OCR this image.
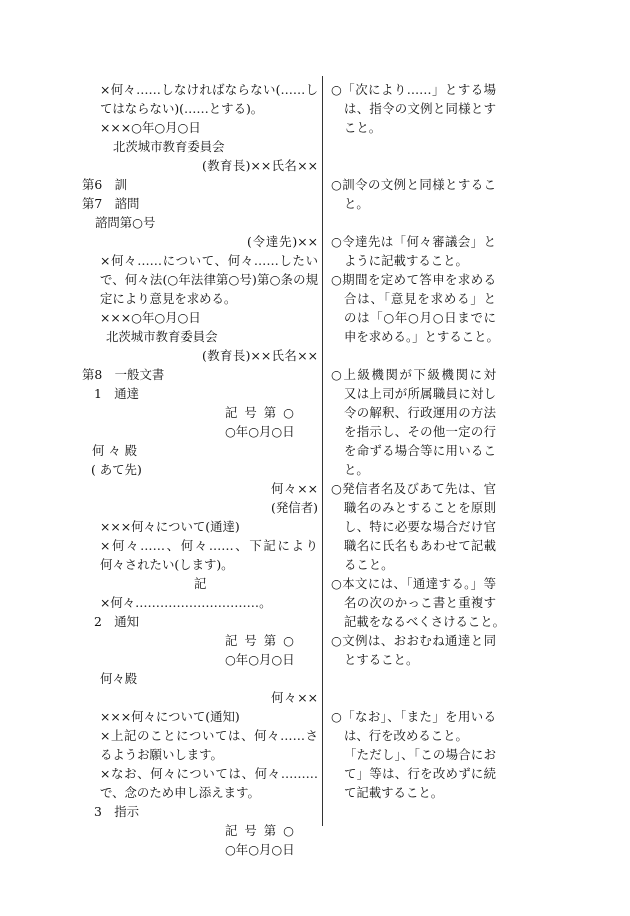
×何々……しなければならない(……し
てはならない)(……とする)。
×××○年○月○日
北茨城市教育委員会
(教育長)××氏名××
第6　訓
第7　諮問
諮問第○号
(令達先)××
×何々……について、何々……したい
で、何々法(○年法律第○号)第○条の規
定により意見を求める。
×××○年○月○日
北茨城市教育委員会
(教育長)××氏名××
第8　一般文書
1　通達
記 号 第 ○
○年○月○日
何 々 殿
( あて先)
何々××
(発信者)
×××何々について(通達)
×何々……、何々……、下記により
何々されたい(します)。
記
×何々…………………………。
2　通知
記 号 第 ○
○年○月○日
何々殿
何々××
×××何々について(通知)
×上記のことについては、何々……さ
るようお願いします。
×なお、何々については、何々………
で、念のため申し添えます。
3　指示
記 号 第 ○
○年○月○日
○「次により……」とする場
は、指令の文例と同様とす
こと。
○訓令の文例と同様とするこ
と。
○令達先は「何々審議会」と
ように記載すること。
○期間を定めて答申を求める
合は、「意見を求める」と
のは「○年○月○日までに
申を求める。」とすること。
○上級機関が下級機関に対
又は上司が所属職員に対し
令の解釈、行政運用の方法
を指示し、その他一定の行
を命ずる場合等に用いるこ
と。
○発信者名及びあて先は、官
職名のみとすることを原則
し、特に必要な場合だけ官
職名に氏名もあわせて記載
ること。
○本文には、「通達する。」等
名の次のかっこ書と重複す
記載をなるべくさけること。
○文例は、おおむね通達と同
とすること。
○「なお」、「また」を用いる
は、行を改めること。
「ただし」、「この場合にお
て」等は、行を改めずに続
て記載すること。
